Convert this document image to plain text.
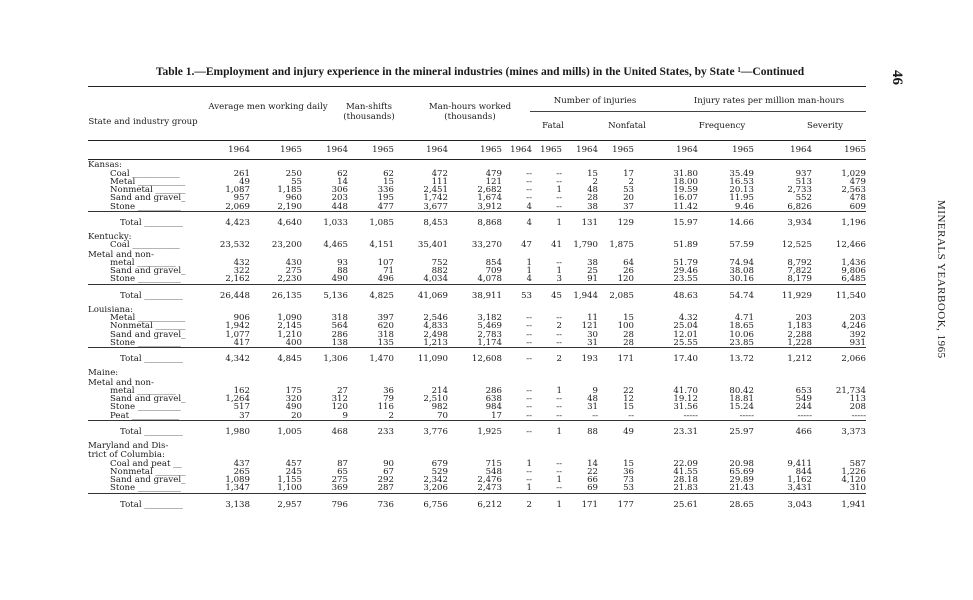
Table 1.—Employment and injury experience in the mineral industries (mines and mills) in the United States, by State ¹—Continued	46
MINERALS YEARBOOK, 1965
State and industry group
Average men working daily	Man-shifts (thousands)
Man-hours worked (thousands)
Number of injuries	Injury rates per million man-hours
Fatal	Nonfatal	Frequency	Severity
	1964	1965	1964	1965	1964	1965	1964	1965	1964	1965	1964	1965	1964	1965
Kansas:														
Coal ___________	261	250	62	62	472	479	--	--	15	17	31.80	35.49	937	1,029
Metal ___________	49	55	14	15	111	121	--	--	2	2	18.00	16.53	513	479
Nonmetal _______	1,087	1,185	306	336	2,451	2,682	--	1	48	53	19.59	20.13	2,733	2,563
Sand and gravel_	957	960	203	195	1,742	1,674	--	--	28	20	16.07	11.95	552	478
Stone __________	2,069	2,190	448	477	3,677	3,912	4	--	38	37	11.42	9.46	6,826	609

Total _________	4,423	4,640	1,033	1,085	8,453	8,868	4	1	131	129	15.97	14.66	3,934	1,196
Kentucky:														
Coal ___________	23,532	23,200	4,465	4,151	35,401	33,270	47	41	1,790	1,875	51.89	57.59	12,525	12,466
Metal and non-														
metal _________	432	430	93	107	752	854	1	--	38	64	51.79	74.94	8,792	1,436
Sand and gravel_	322	275	88	71	882	709	1	1	25	26	29.46	38.08	7,822	9,806
Stone __________	2,162	2,230	490	496	4,034	4,078	4	3	91	120	23.55	30.16	8,179	6,485

Total _________	26,448	26,135	5,136	4,825	41,069	38,911	53	45	1,944	2,085	48.63	54.74	11,929	11,540
Louisiana:														
Metal ___________	906	1,090	318	397	2,546	3,182	--	--	11	15	4.32	4.71	203	203
Nonmetal _______	1,942	2,145	564	620	4,833	5,469	--	2	121	100	25.04	18.65	1,183	4,246
Sand and gravel_	1,077	1,210	286	318	2,498	2,783	--	--	30	28	12.01	10.06	2,288	392
Stone __________	417	400	138	135	1,213	1,174	--	--	31	28	25.55	23.85	1,228	931

Total _________	4,342	4,845	1,306	1,470	11,090	12,608	--	2	193	171	17.40	13.72	1,212	2,066
Maine:														
Metal and non-														
metal _________	162	175	27	36	214	286	--	1	9	22	41.70	80.42	653	21,734
Sand and gravel_	1,264	320	312	79	2,510	638	--	--	48	12	19.12	18.81	549	113
Stone __________	517	490	120	116	982	984	--	--	31	15	31.56	15.24	244	208
Peat ___________	37	20	9	2	70	17	--	--	--	--	-----	-----	-----	-----

Total _________	1,980	1,005	468	233	3,776	1,925	--	1	88	49	23.31	25.97	466	3,373
Maryland and Dis-														
trict of Columbia:														
Coal and peat __	437	457	87	90	679	715	1	--	14	15	22.09	20.98	9,411	587
Nonmetal _______	265	245	65	67	529	548	--	--	22	36	41.55	65.69	844	1,226
Sand and gravel_	1,089	1,155	275	292	2,342	2,476	--	1	66	73	28.18	29.89	1,162	4,120
Stone __________	1,347	1,100	369	287	3,206	2,473	1	--	69	53	21.83	21.43	3,431	310

Total _________	3,138	2,957	796	736	6,756	6,212	2	1	171	177	25.61	28.65	3,043	1,941
